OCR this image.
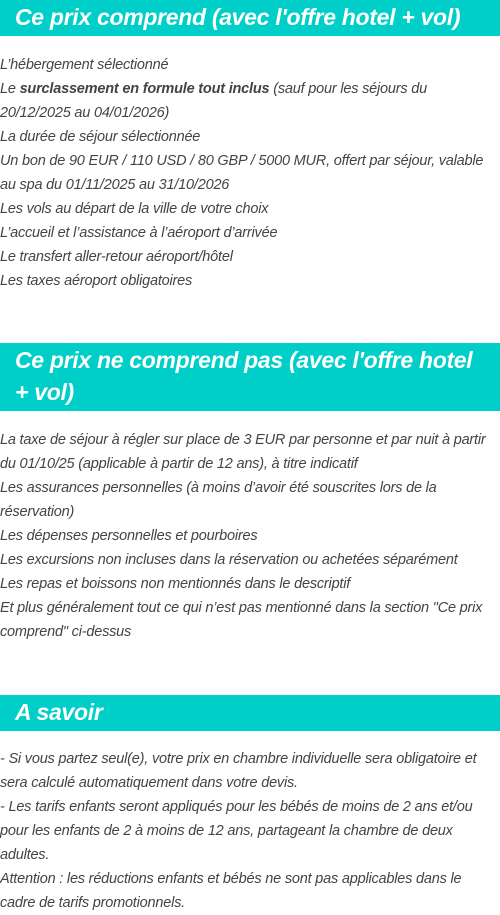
Ce prix comprend (avec l'offre hotel + vol)
L’hébergement sélectionné
Le surclassement en formule tout inclus (sauf pour les séjours du 20/12/2025 au 04/01/2026)
La durée de séjour sélectionnée
Un bon de 90 EUR / 110 USD / 80 GBP / 5000 MUR, offert par séjour, valable au spa du 01/11/2025 au 31/10/2026
Les vols au départ de la ville de votre choix
L’accueil et l’assistance à l’aéroport d’arrivée
Le transfert aller-retour aéroport/hôtel
Les taxes aéroport obligatoires
Ce prix ne comprend pas (avec l'offre hotel + vol)
La taxe de séjour à régler sur place de 3 EUR par personne et par nuit à partir du 01/10/25 (applicable à partir de 12 ans), à titre indicatif
Les assurances personnelles (à moins d’avoir été souscrites lors de la réservation)
Les dépenses personnelles et pourboires
Les excursions non incluses dans la réservation ou achetées séparément
Les repas et boissons non mentionnés dans le descriptif
Et plus généralement tout ce qui n’est pas mentionné dans la section "Ce prix comprend" ci-dessus
A savoir
- Si vous partez seul(e), votre prix en chambre individuelle sera obligatoire et sera calculé automatiquement dans votre devis.
- Les tarifs enfants seront appliqués pour les bébés de moins de 2 ans et/ou pour les enfants de 2 à moins de 12 ans, partageant la chambre de deux adultes.
Attention : les réductions enfants et bébés ne sont pas applicables dans le cadre de tarifs promotionnels.
